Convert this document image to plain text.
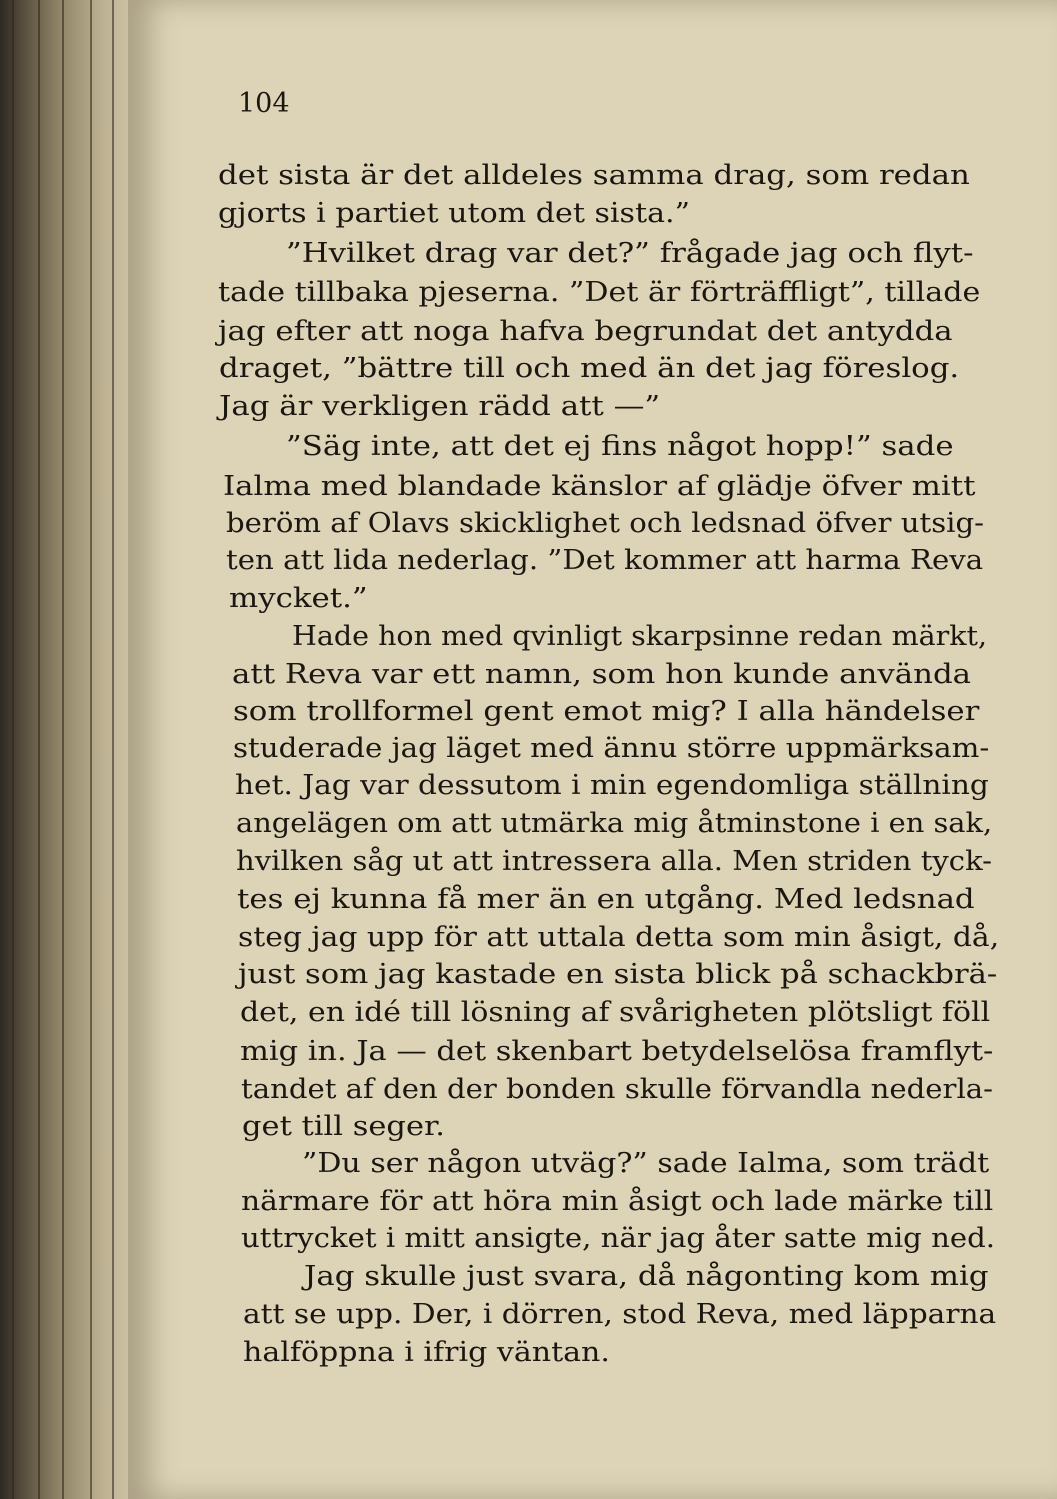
104
det sista är det alldeles samma drag, som redan
gjorts i partiet utom det sista.”
”Hvilket drag var det?” frågade jag och flyt-
tade tillbaka pjeserna. ”Det är förträffligt”, tillade
jag efter att noga hafva begrundat det antydda
draget, ”bättre till och med än det jag föreslog.
Jag är verkligen rädd att —”
”Säg inte, att det ej fins något hopp!” sade
Ialma med blandade känslor af glädje öfver mitt
beröm af Olavs skicklighet och ledsnad öfver utsig-
ten att lida nederlag. ”Det kommer att harma Reva
mycket.”
Hade hon med qvinligt skarpsinne redan märkt,
att Reva var ett namn, som hon kunde använda
som trollformel gent emot mig? I alla händelser
studerade jag läget med ännu större uppmärksam-
het. Jag var dessutom i min egendomliga ställning
angelägen om att utmärka mig åtminstone i en sak,
hvilken såg ut att intressera alla. Men striden tyck-
tes ej kunna få mer än en utgång. Med ledsnad
steg jag upp för att uttala detta som min åsigt, då,
just som jag kastade en sista blick på schackbrä-
det, en idé till lösning af svårigheten plötsligt föll
mig in. Ja — det skenbart betydelselösa framflyt-
tandet af den der bonden skulle förvandla nederla-
get till seger.
”Du ser någon utväg?” sade Ialma, som trädt
närmare för att höra min åsigt och lade märke till
uttrycket i mitt ansigte, när jag åter satte mig ned.
Jag skulle just svara, då någonting kom mig
att se upp. Der, i dörren, stod Reva, med läpparna
halföppna i ifrig väntan.
